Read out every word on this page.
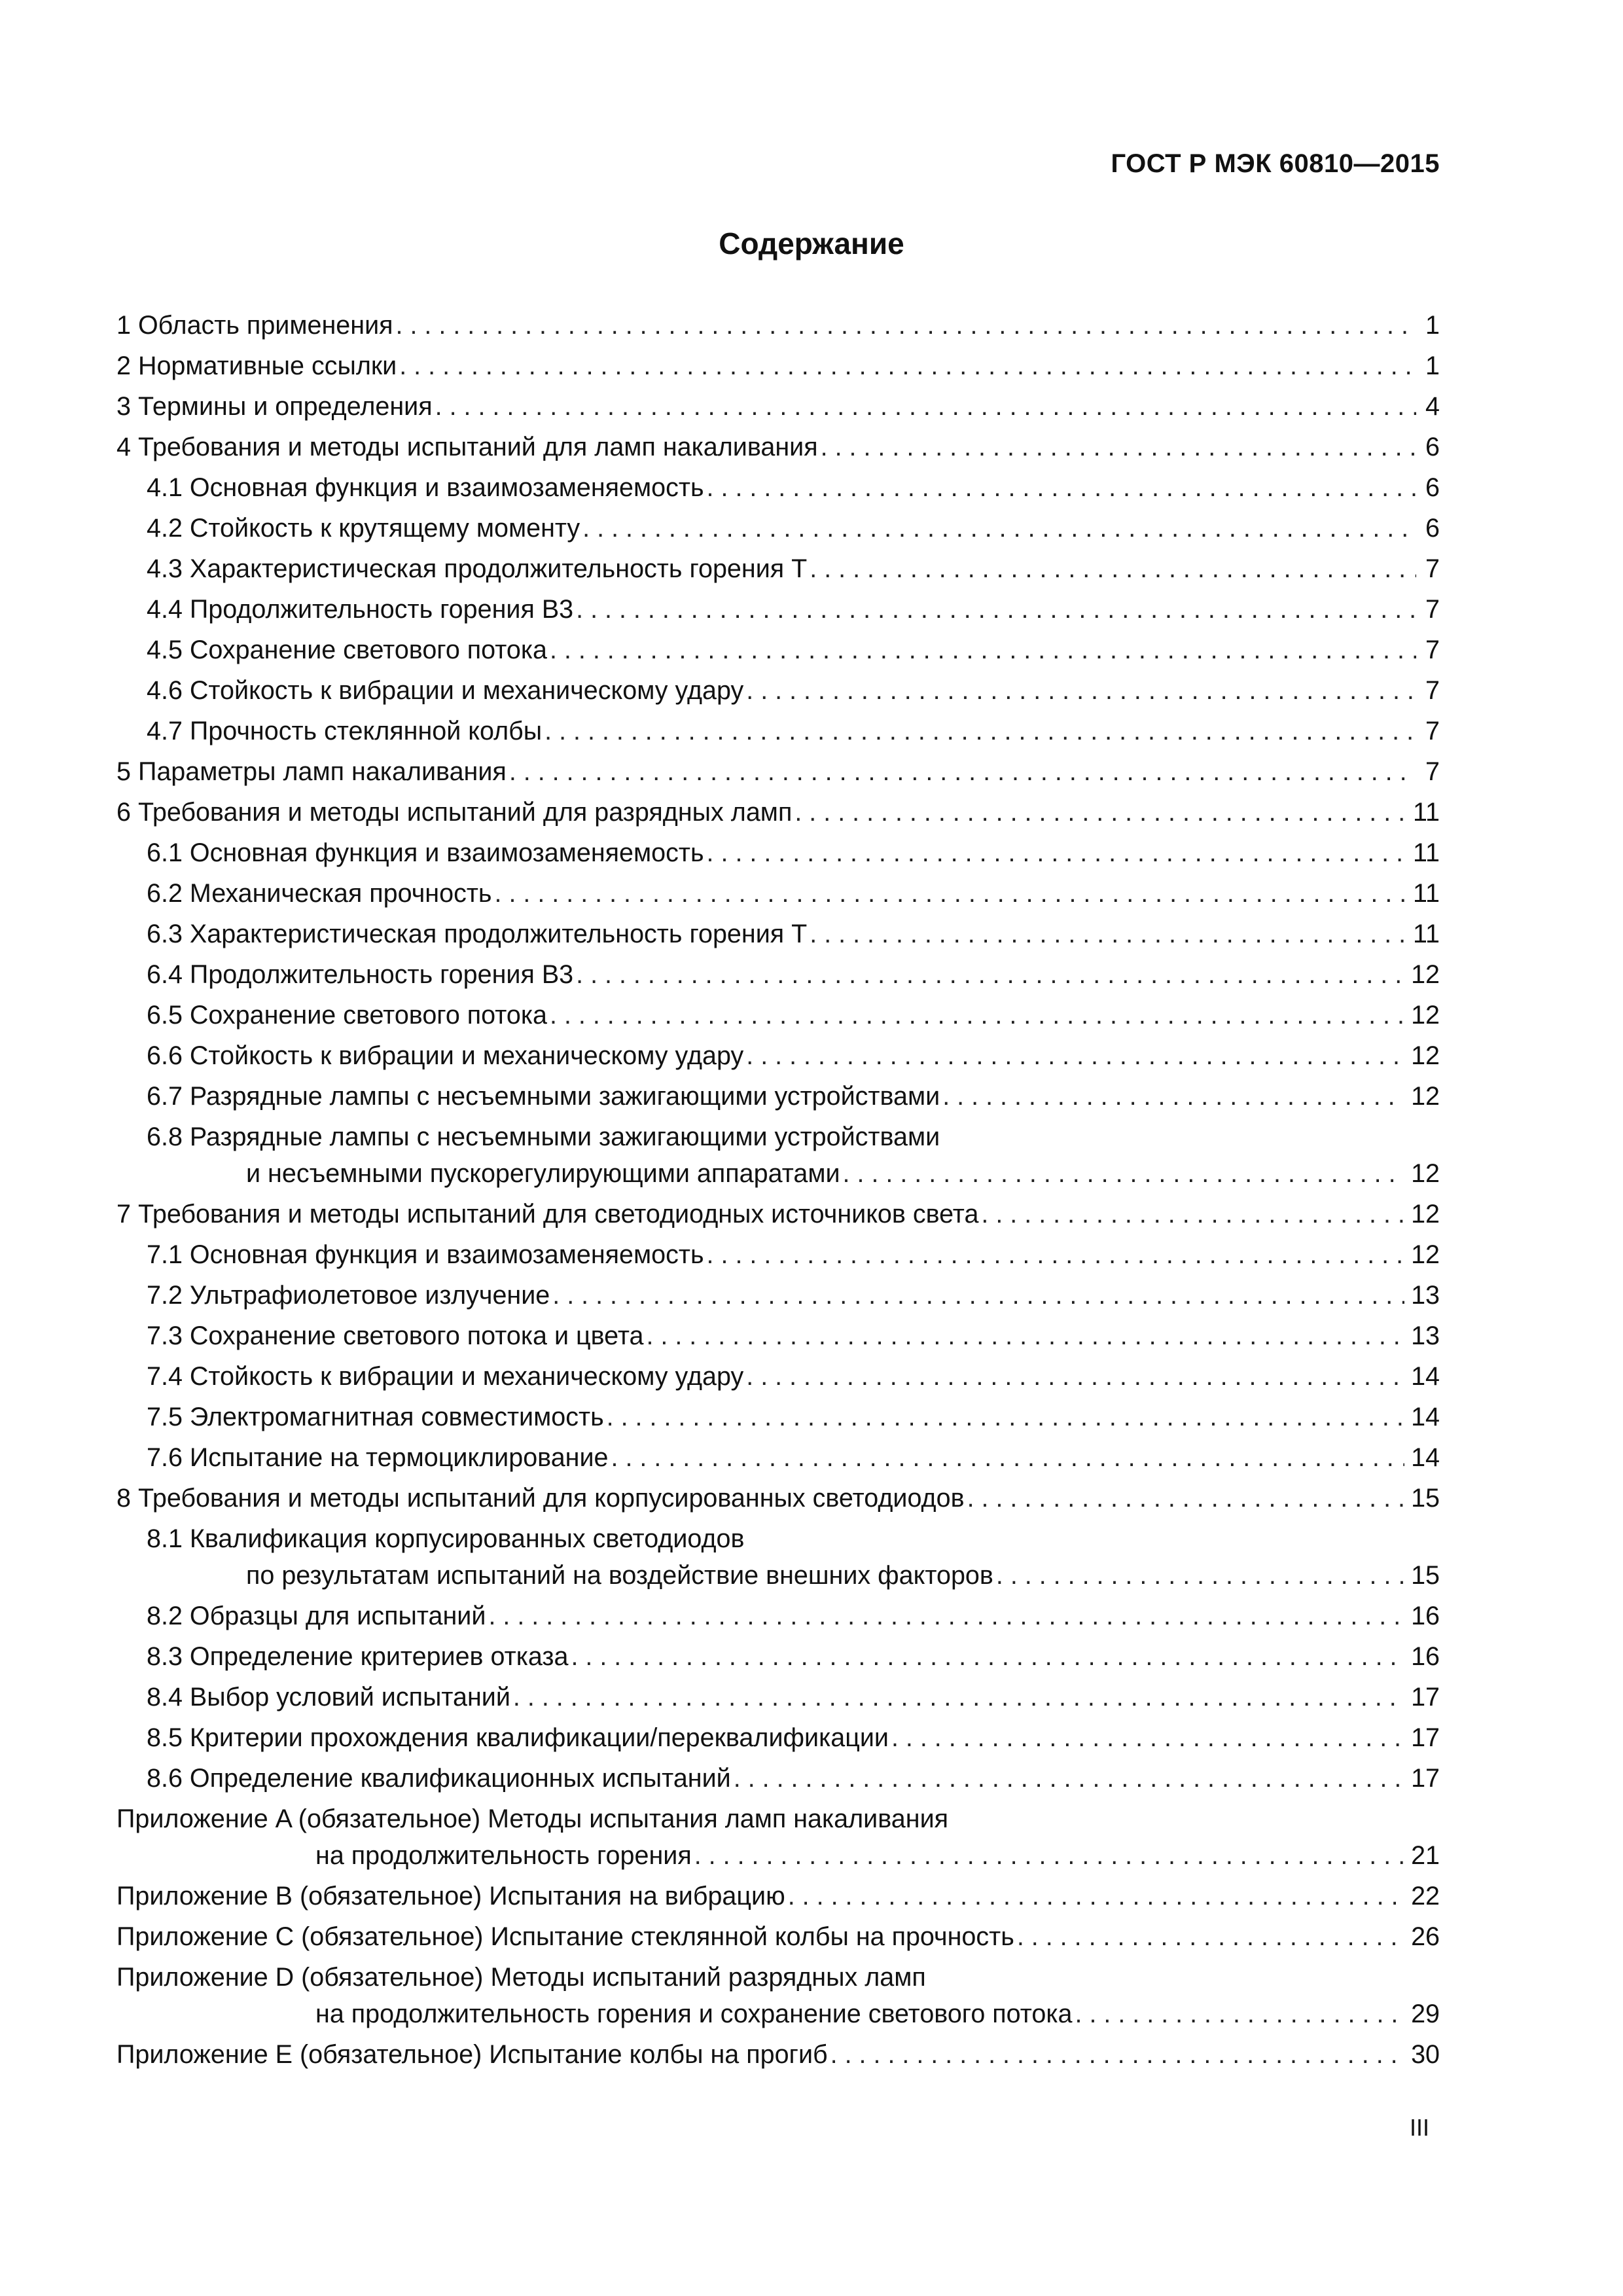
ГОСТ Р МЭК 60810—2015
Содержание
1 Область применения . . .	1
2 Нормативные ссылки . . .	1
3 Термины и определения . . .	4
4 Требования и методы испытаний для ламп накаливания . . .	6
4.1 Основная функция и взаимозаменяемость . . .	6
4.2 Стойкость к крутящему моменту . . .	6
4.3 Характеристическая продолжительность горения T . . .	7
4.4 Продолжительность горения B3 . . .	7
4.5 Сохранение светового потока . . .	7
4.6 Стойкость к вибрации и механическому удару . . .	7
4.7 Прочность стеклянной колбы . . .	7
5 Параметры ламп накаливания . . .	7
6 Требования и методы испытаний для разрядных ламп . . .	11
6.1 Основная функция и взаимозаменяемость . . .	11
6.2 Механическая прочность . . .	11
6.3 Характеристическая продолжительность горения T . . .	11
6.4 Продолжительность горения B3 . . .	12
6.5 Сохранение светового потока . . .	12
6.6 Стойкость к вибрации и механическому удару . . .	12
6.7 Разрядные лампы с несъемными зажигающими устройствами . . .	12
6.8 Разрядные лампы с несъемными зажигающими устройствами
и несъемными пускорегулирующими аппаратами . . .	12
7 Требования и методы испытаний для светодиодных источников света . . .	12
7.1 Основная функция и взаимозаменяемость . . .	12
7.2 Ультрафиолетовое излучение . . .	13
7.3 Сохранение светового потока и цвета . . .	13
7.4 Стойкость к вибрации и механическому удару . . .	14
7.5 Электромагнитная совместимость . . .	14
7.6 Испытание на термоциклирование . . .	14
8 Требования и методы испытаний для корпусированных светодиодов . . .	15
8.1 Квалификация корпусированных светодиодов
по результатам испытаний на воздействие внешних факторов . . .	15
8.2 Образцы для испытаний . . .	16
8.3 Определение критериев отказа . . .	16
8.4 Выбор условий испытаний . . .	17
8.5 Критерии прохождения квалификации/переквалификации . . .	17
8.6 Определение квалификационных испытаний . . .	17
Приложение A (обязательное) Методы испытания ламп накаливания
на продолжительность горения . . .	21
Приложение B (обязательное) Испытания на вибрацию . . .	22
Приложение C (обязательное) Испытание стеклянной колбы на прочность . . .	26
Приложение D (обязательное) Методы испытаний разрядных ламп
на продолжительность горения и сохранение светового потока . . .	29
Приложение E (обязательное) Испытание колбы на прогиб . . .	30
III
